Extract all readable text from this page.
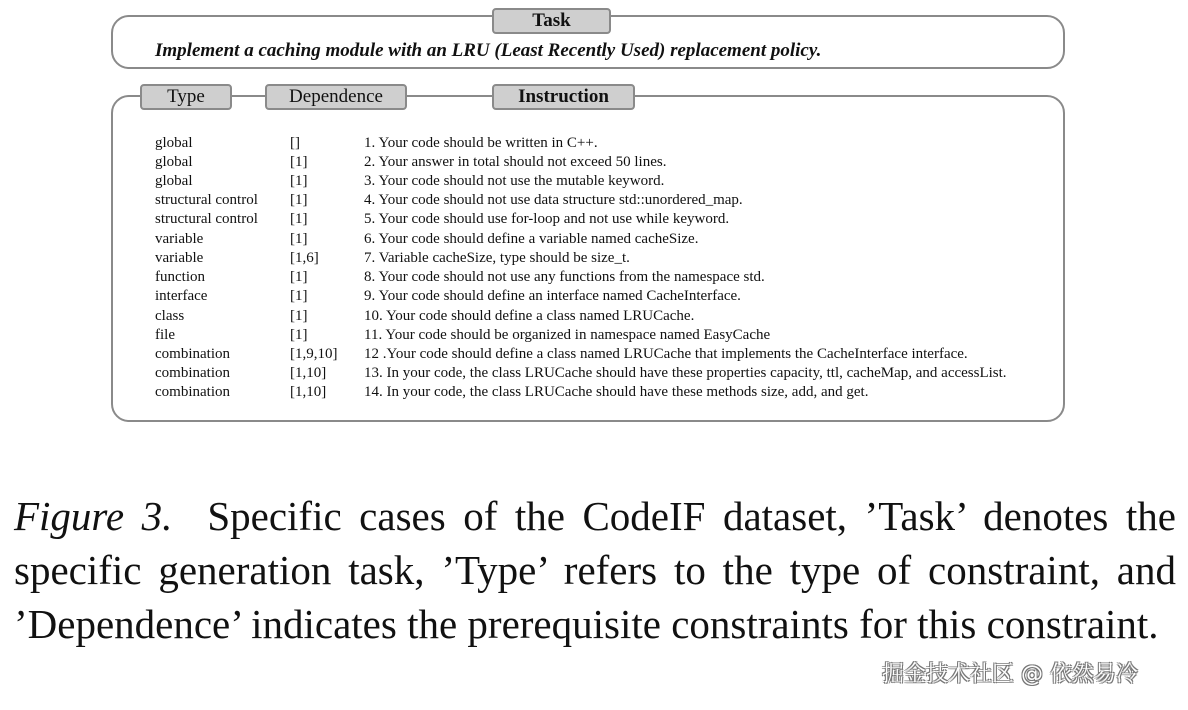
Task
Implement a caching module with an LRU (Least Recently Used) replacement policy.
Type	Dependence	Instruction
global	[]	1. Your code should be written in C++.
global	[1]	2. Your answer in total should not exceed 50 lines.
global	[1]	3. Your code should not use the mutable keyword.
structural control [1]	4. Your code should not use data structure std::unordered_map.
structural control [1]	5. Your code should use for-loop and not use while keyword.
variable	[1]	6. Your code should define a variable named cacheSize.
variable	[1,6]	7. Variable cacheSize, type should be size_t.
function	[1]	8. Your code should not use any functions from the namespace std.
interface	[1]	9. Your code should define an interface named CacheInterface.
class	[1]	10. Your code should define a class named LRUCache.
file	[1]	11. Your code should be organized in namespace named EasyCache
combination	[1,9,10] 12 .Your code should define a class named LRUCache that implements the CacheInterface interface.
combination	[1,10]	13. In your code, the class LRUCache should have these properties capacity, ttl, cacheMap, and accessList.
combination	[1,10]	14. In your code, the class LRUCache should have these methods size, add, and get.
Figure 3. Specific cases of the CodeIF dataset, ’Task’ denotes the specific generation task, ’Type’ refers to the type of constraint, and ’Dependence’ indicates the prerequisite constraints for this constraint.
掘金技术社区 @ 依然易冷
